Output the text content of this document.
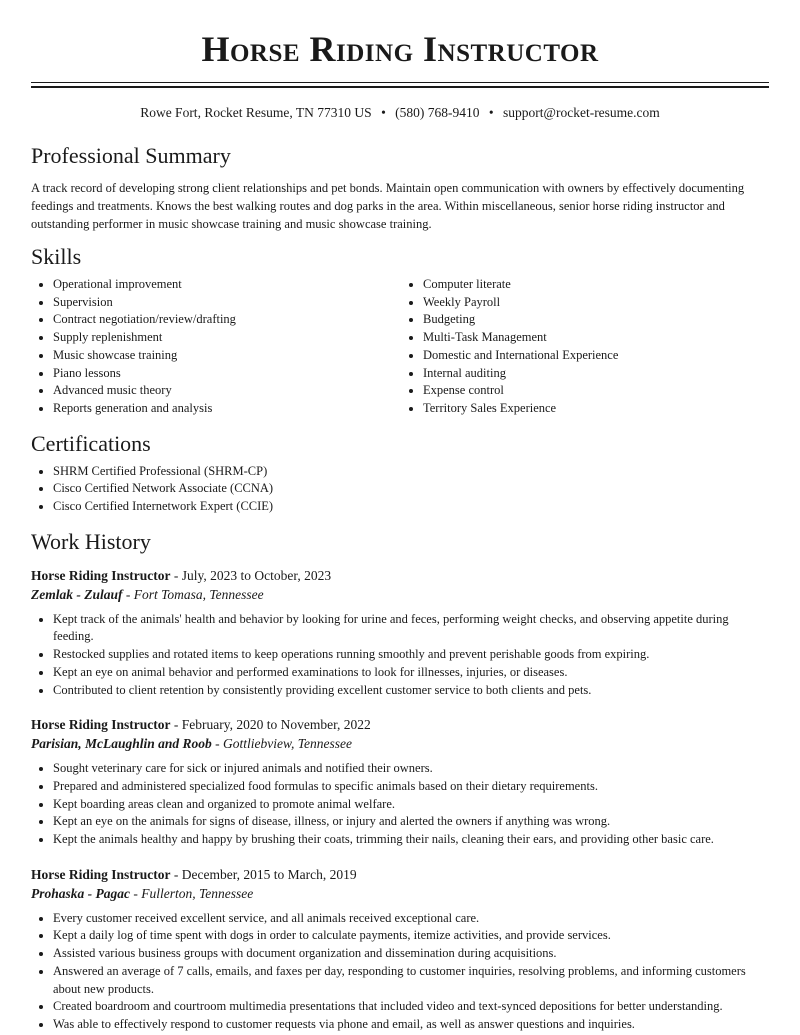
Horse Riding Instructor
Rowe Fort, Rocket Resume, TN 77310 US • (580) 768-9410 • support@rocket-resume.com
Professional Summary

A track record of developing strong client relationships and pet bonds. Maintain open communication with owners by effectively documenting feedings and treatments. Knows the best walking routes and dog parks in the area. Within miscellaneous, senior horse riding instructor and outstanding performer in music showcase training and music showcase training.

Skills
• Operational improvement
• Supervision
• Contract negotiation/review/drafting
• Supply replenishment
• Music showcase training
• Piano lessons
• Advanced music theory
• Reports generation and analysis
• Computer literate
• Weekly Payroll
• Budgeting
• Multi-Task Management
• Domestic and International Experience
• Internal auditing
• Expense control
• Territory Sales Experience
Certifications
• SHRM Certified Professional (SHRM-CP)
• Cisco Certified Network Associate (CCNA)
• Cisco Certified Internetwork Expert (CCIE)
Work History
Horse Riding Instructor - July, 2023 to October, 2023
Zemlak - Zulauf - Fort Tomasa, Tennessee
• Kept track of the animals' health and behavior by looking for urine and feces, performing weight checks, and observing appetite during feeding.
• Restocked supplies and rotated items to keep operations running smoothly and prevent perishable goods from expiring.
• Kept an eye on animal behavior and performed examinations to look for illnesses, injuries, or diseases.
• Contributed to client retention by consistently providing excellent customer service to both clients and pets.
Horse Riding Instructor - February, 2020 to November, 2022
Parisian, McLaughlin and Roob - Gottliebview, Tennessee
• Sought veterinary care for sick or injured animals and notified their owners.
• Prepared and administered specialized food formulas to specific animals based on their dietary requirements.
• Kept boarding areas clean and organized to promote animal welfare.
• Kept an eye on the animals for signs of disease, illness, or injury and alerted the owners if anything was wrong.
• Kept the animals healthy and happy by brushing their coats, trimming their nails, cleaning their ears, and providing other basic care.
Horse Riding Instructor - December, 2015 to March, 2019
Prohaska - Pagac - Fullerton, Tennessee
• Every customer received excellent service, and all animals received exceptional care.
• Kept a daily log of time spent with dogs in order to calculate payments, itemize activities, and provide services.
• Assisted various business groups with document organization and dissemination during acquisitions.
• Answered an average of 7 calls, emails, and faxes per day, responding to customer inquiries, resolving problems, and informing customers about new products.
• Created boardroom and courtroom multimedia presentations that included video and text-synced depositions for better understanding.
• Was able to effectively respond to customer requests via phone and email, as well as answer questions and inquiries.
